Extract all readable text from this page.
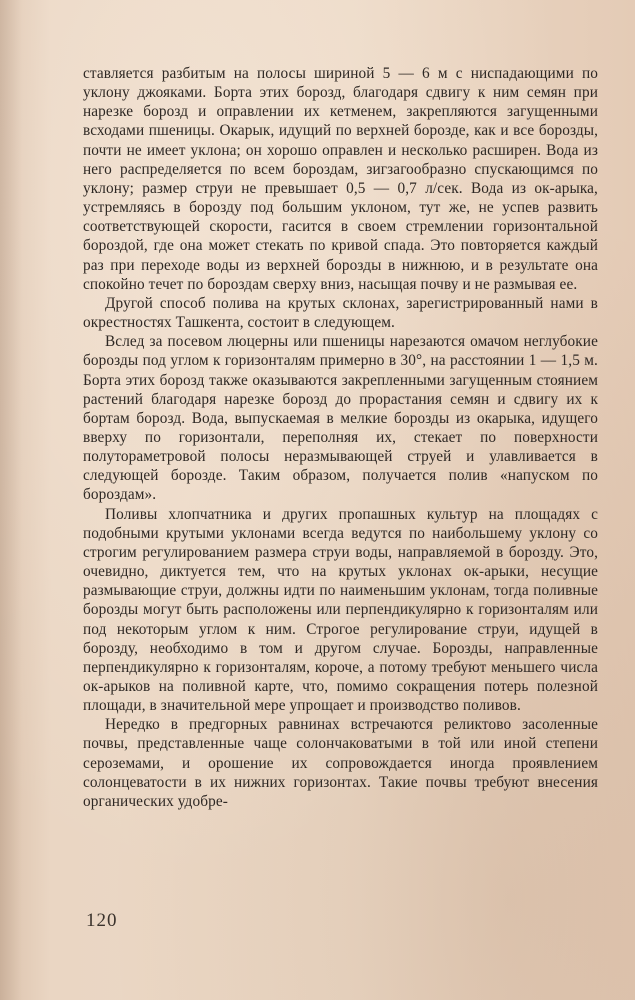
ставляется разбитым на полосы шириной 5 — 6 м с ниспадающими по уклону джояками. Борта этих борозд, благодаря сдвигу к ним семян при нарезке борозд и оправлении их кетменем, закрепляются загущенными всходами пшеницы. Окарык, идущий по верхней борозде, как и все борозды, почти не имеет уклона; он хорошо оправлен и несколько расширен. Вода из него распределяется по всем бороздам, зигзагообразно спускающимся по уклону; размер струи не превышает 0,5 — 0,7 л/сек. Вода из ок-арыка, устремляясь в борозду под большим уклоном, тут же, не успев развить соответствующей скорости, гасится в своем стремлении горизонтальной бороздой, где она может стекать по кривой спада. Это повторяется каждый раз при переходе воды из верхней борозды в нижнюю, и в результате она спокойно течет по бороздам сверху вниз, насыщая почву и не размывая ее.

Другой способ полива на крутых склонах, зарегистрированный нами в окрестностях Ташкента, состоит в следующем.

Вслед за посевом люцерны или пшеницы нарезаются омачом неглубокие борозды под углом к горизонталям примерно в 30°, на расстоянии 1 — 1,5 м. Борта этих борозд также оказываются закрепленными загущенным стоянием растений благодаря нарезке борозд до прорастания семян и сдвигу их к бортам борозд. Вода, выпускаемая в мелкие борозды из окарыка, идущего вверху по горизонтали, переполняя их, стекает по поверхности полутораметровой полосы неразмывающей струей и улавливается в следующей борозде. Таким образом, получается полив «напуском по бороздам».

Поливы хлопчатника и других пропашных культур на площадях с подобными крутыми уклонами всегда ведутся по наибольшему уклону со строгим регулированием размера струи воды, направляемой в борозду. Это, очевидно, диктуется тем, что на крутых уклонах ок-арыки, несущие размывающие струи, должны идти по наименьшим уклонам, тогда поливные борозды могут быть расположены или перпендикулярно к горизонталям или под некоторым углом к ним. Строгое регулирование струи, идущей в борозду, необходимо в том и другом случае. Борозды, направленные перпендикулярно к горизонталям, короче, а потому требуют меньшего числа ок-арыков на поливной карте, что, помимо сокращения потерь полезной площади, в значительной мере упрощает и производство поливов.

Нередко в предгорных равнинах встречаются реликтово засоленные почвы, представленные чаще солончаковатыми в той или иной степени сероземами, и орошение их сопровождается иногда проявлением солонцеватости в их нижних горизонтах. Такие почвы требуют внесения органических удобре-

120
